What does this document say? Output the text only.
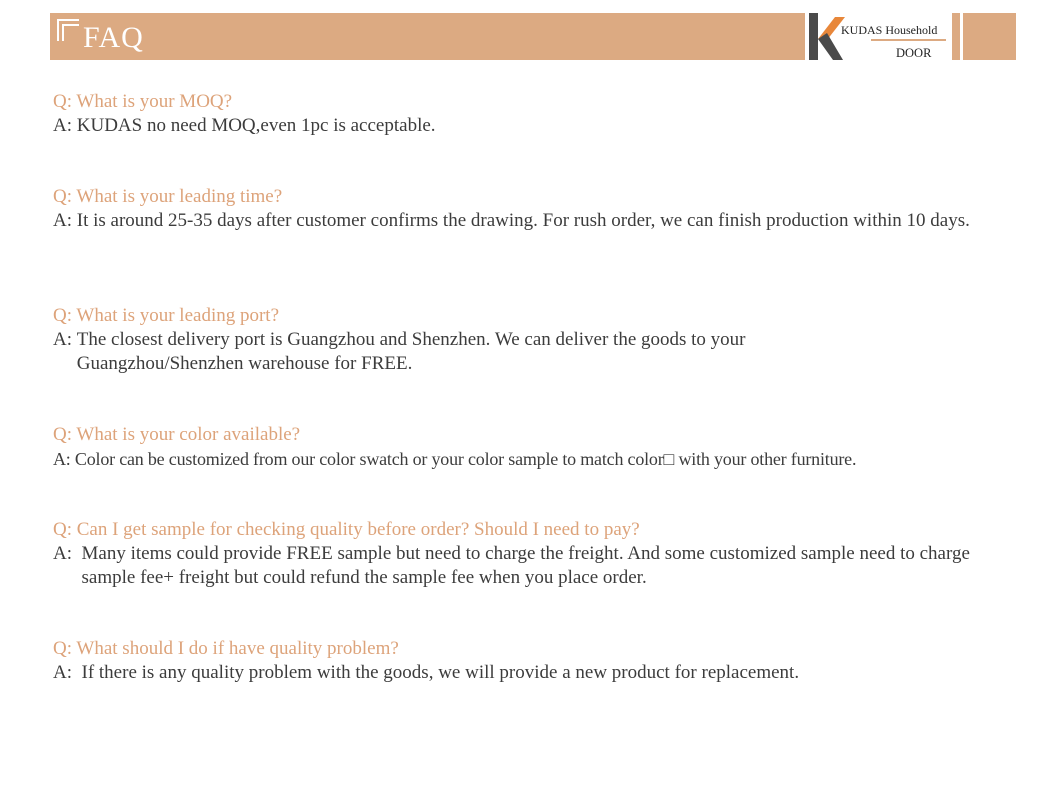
FAQ	KUDAS Household
DOOR
Q: What is your MOQ?
A: KUDAS no need MOQ,even 1pc is acceptable.
Q: What is your leading time?
A: It is around 25-35 days after customer confirms the drawing. For rush order, we can finish production within 10 days.
Q: What is your leading port?
A: The closest delivery port is Guangzhou and Shenzhen. We can deliver the goods to your Guangzhou/Shenzhen warehouse for FREE.
Q: What is your color available?
A: Color can be customized from our color swatch or your color sample to match color□ with your other furniture.
Q: Can I get sample for checking quality before order? Should I need to pay?
A: Many items could provide FREE sample but need to charge the freight. And some customized sample need to charge sample fee+ freight but could refund the sample fee when you place order.
Q: What should I do if have quality problem?
A: If there is any quality problem with the goods, we will provide a new product for replacement.
